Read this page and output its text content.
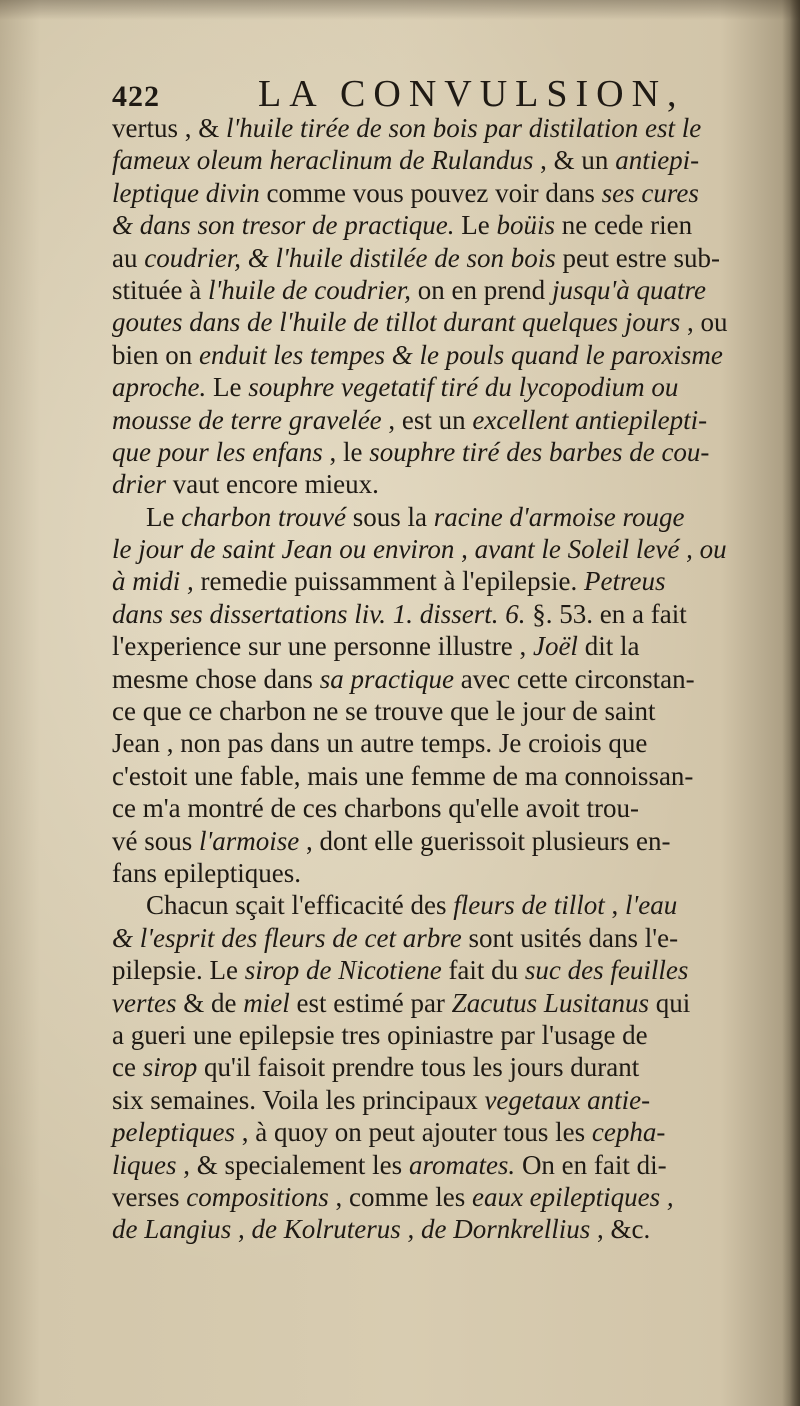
422	LA CONVULSION,
vertus , & l'huile tirée de son bois par distilation est le
fameux oleum heraclinum de Rulandus , & un antiepi-
leptique divin comme vous pouvez voir dans ses cures
& dans son tresor de practique. Le boüis ne cede rien
au coudrier, & l'huile distilée de son bois peut estre sub-
stituée à l'huile de coudrier, on en prend jusqu'à quatre
goutes dans de l'huile de tillot durant quelques jours , ou
bien on enduit les tempes & le pouls quand le paroxisme
aproche. Le souphre vegetatif tiré du lycopodium ou
mousse de terre gravelée , est un excellent antiepilepti-
que pour les enfans , le souphre tiré des barbes de cou-
drier vaut encore mieux.
Le charbon trouvé sous la racine d'armoise rouge
le jour de saint Jean ou environ , avant le Soleil levé , ou
à midi , remedie puissamment à l'epilepsie. Petreus
dans ses dissertations liv. 1. dissert. 6. §. 53. en a fait
l'experience sur une personne illustre , Joël dit la
mesme chose dans sa practique avec cette circonstan-
ce que ce charbon ne se trouve que le jour de saint
Jean , non pas dans un autre temps. Je croiois que
c'estoit une fable, mais une femme de ma connoissan-
ce m'a montré de ces charbons qu'elle avoit trou-
vé sous l'armoise , dont elle guerissoit plusieurs en-
fans epileptiques.
Chacun sçait l'efficacité des fleurs de tillot , l'eau
& l'esprit des fleurs de cet arbre sont usités dans l'e-
pilepsie. Le sirop de Nicotiene fait du suc des feuilles
vertes & de miel est estimé par Zacutus Lusitanus qui
a gueri une epilepsie tres opiniastre par l'usage de
ce sirop qu'il faisoit prendre tous les jours durant
six semaines. Voila les principaux vegetaux antie-
peleptiques , à quoy on peut ajouter tous les cepha-
liques , & specialement les aromates. On en fait di-
verses compositions , comme les eaux epileptiques ,
de Langius , de Kolruterus , de Dornkrellius , &c.
